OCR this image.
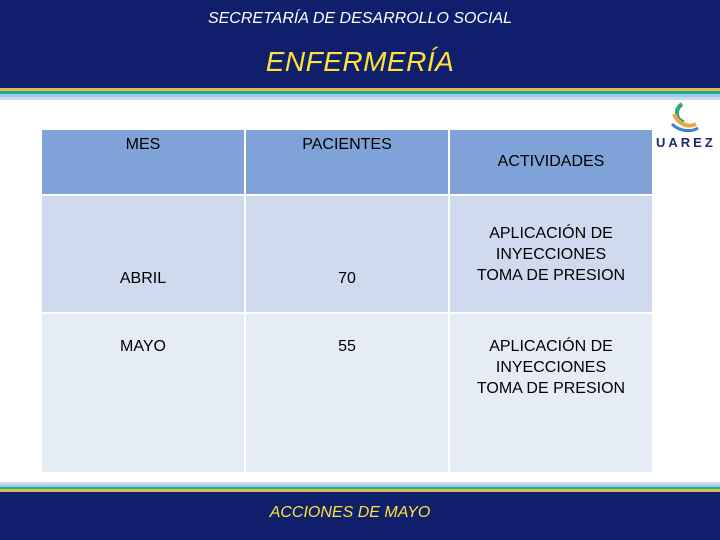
SECRETARÍA DE DESARROLLO SOCIAL
ENFERMERÍA
MES	PACIENTES	ACTIVIDADES
ABRIL	70	APLICACIÓN DE
INYECCIONES
TOMA DE PRESION

MAYO	55	APLICACIÓN DE
INYECCIONES
TOMA DE PRESION
UAREZ
ACCIONES DE MAYO
